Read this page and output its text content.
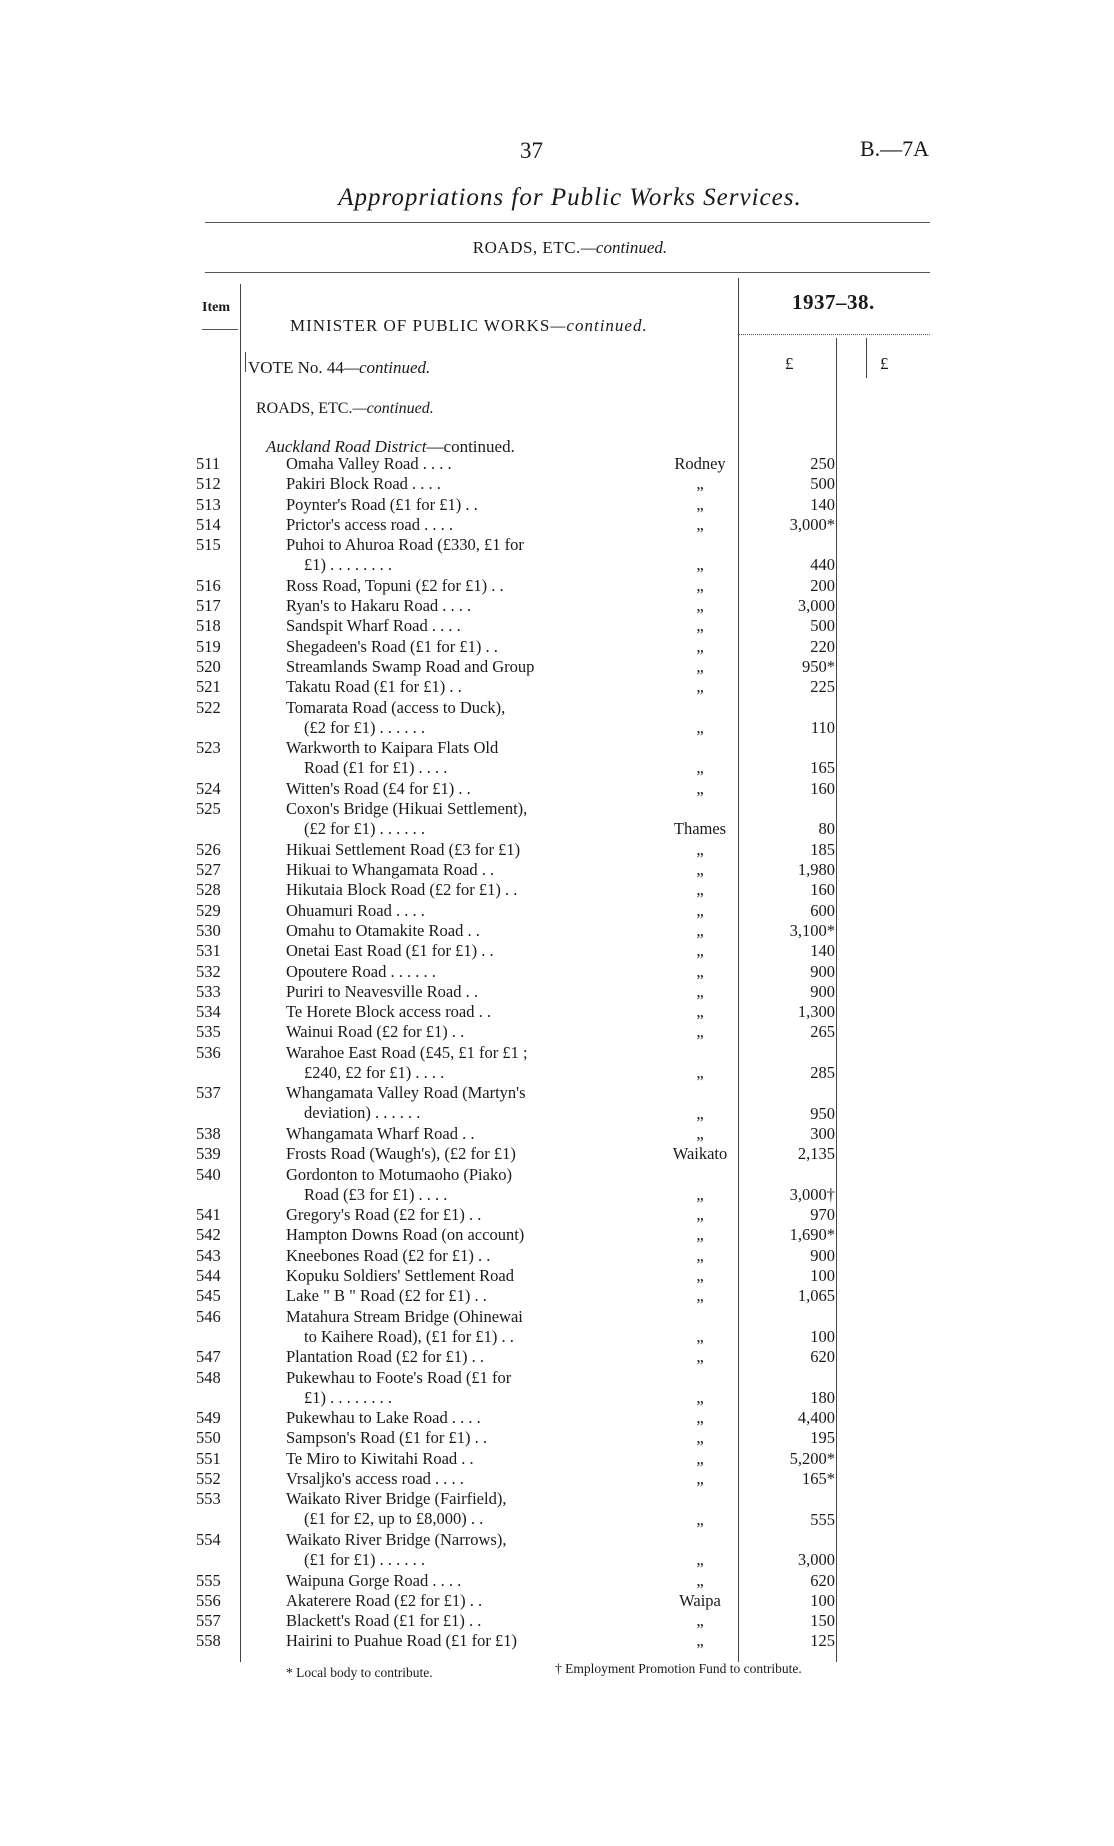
37	B.—7A
Appropriations for Public Works Services.
ROADS, ETC.—continued.
Item	1937–38.
MINISTER OF PUBLIC WORKS—continued.
VOTE No. 44—continued.	£	£
ROADS, ETC.—continued.
Auckland Road District—continued.
511	Omaha Valley Road . . . .	Rodney	250
512	Pakiri Block Road . . . .	„	500
513	Poynter's Road (£1 for £1) . .	„	140
514	Prictor's access road . . . .	„	3,000*
515	Puhoi to Ahuroa Road (£330, £1 for
£1) . . . . . . . .	„	440
516	Ross Road, Topuni (£2 for £1) . .	„	200
517	Ryan's to Hakaru Road . . . .	„	3,000
518	Sandspit Wharf Road . . . .	„	500
519	Shegadeen's Road (£1 for £1) . .	„	220
520	Streamlands Swamp Road and Group	„	950*
521	Takatu Road (£1 for £1) . .	„	225
522	Tomarata Road (access to Duck),
(£2 for £1) . . . . . .	„	110
523	Warkworth to Kaipara Flats Old
Road (£1 for £1) . . . .	„	165
524	Witten's Road (£4 for £1) . .	„	160
525	Coxon's Bridge (Hikuai Settlement),
(£2 for £1) . . . . . .	Thames	80
526	Hikuai Settlement Road (£3 for £1)	„	185
527	Hikuai to Whangamata Road . .	„	1,980
528	Hikutaia Block Road (£2 for £1) . .	„	160
529	Ohuamuri Road . . . .	„	600
530	Omahu to Otamakite Road . .	„	3,100*
531	Onetai East Road (£1 for £1) . .	„	140
532	Opoutere Road . . . . . .	„	900
533	Puriri to Neavesville Road . .	„	900
534	Te Horete Block access road . .	„	1,300
535	Wainui Road (£2 for £1) . .	„	265
536	Warahoe East Road (£45, £1 for £1 ;
£240, £2 for £1) . . . .	„	285
537	Whangamata Valley Road (Martyn's
deviation) . . . . . .	„	950
538	Whangamata Wharf Road . .	„	300
539	Frosts Road (Waugh's), (£2 for £1)	Waikato	2,135
540	Gordonton to Motumaoho (Piako)
Road (£3 for £1) . . . .	„	3,000†
541	Gregory's Road (£2 for £1) . .	„	970
542	Hampton Downs Road (on account)	„	1,690*
543	Kneebones Road (£2 for £1) . .	„	900
544	Kopuku Soldiers' Settlement Road	„	100
545	Lake " B " Road (£2 for £1) . .	„	1,065
546	Matahura Stream Bridge (Ohinewai
to Kaihere Road), (£1 for £1) . .	„	100
547	Plantation Road (£2 for £1) . .	„	620
548	Pukewhau to Foote's Road (£1 for
£1) . . . . . . . .	„	180
549	Pukewhau to Lake Road . . . .	„	4,400
550	Sampson's Road (£1 for £1) . .	„	195
551	Te Miro to Kiwitahi Road . .	„	5,200*
552	Vrsaljko's access road . . . .	„	165*
553	Waikato River Bridge (Fairfield),
(£1 for £2, up to £8,000) . .	„	555
554	Waikato River Bridge (Narrows),
(£1 for £1) . . . . . .	„	3,000
555	Waipuna Gorge Road . . . .	„	620
556	Akaterere Road (£2 for £1) . .	Waipa	100
557	Blackett's Road (£1 for £1) . .	„	150
558	Hairini to Puahue Road (£1 for £1)	„	125
* Local body to contribute.	† Employment Promotion Fund to contribute.
